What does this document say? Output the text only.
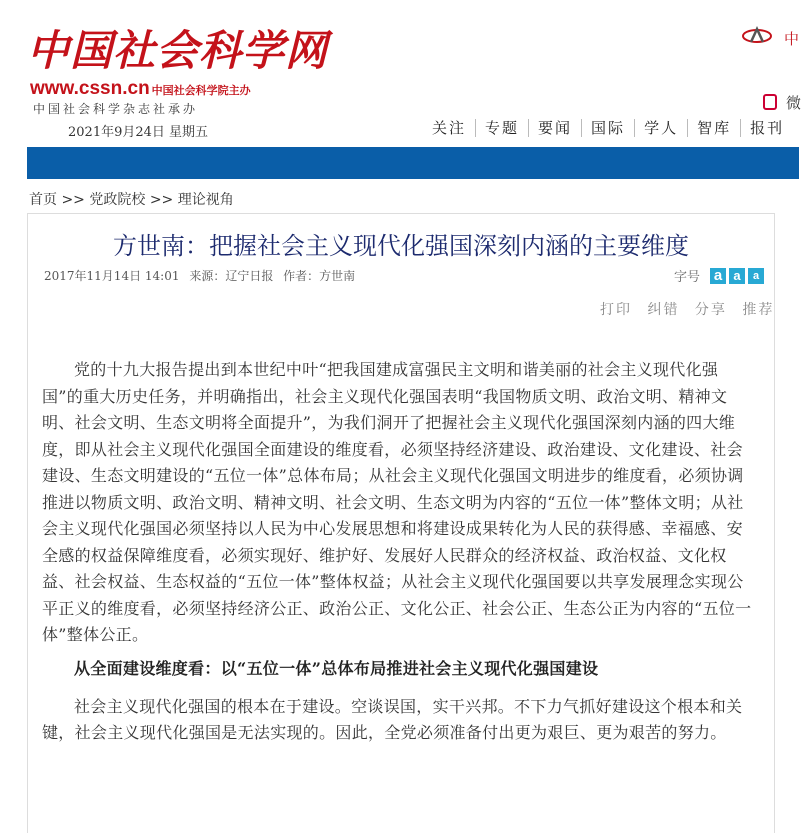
中国社会科学网
www.cssn.cn 中国社会科学院主办
中国社会科学杂志社承办
2021年9月24日 星期五
中
微
关注	专题	要闻	国际	学人	智库	报刊
首页 >> 党政院校 >> 理论视角
方世南：把握社会主义现代化强国深刻内涵的主要维度
2017年11月14日 14:01 来源：辽宁日报 作者：方世南	字号 a a	a
打印 纠错 分享 推荐

党的十九大报告提出到本世纪中叶“把我国建成富强民主文明和谐美丽的社会主义现代化强国”的重大历史任务，并明确指出，社会主义现代化强国表明“我国物质文明、政治文明、精神文明、社会文明、生态文明将全面提升”，为我们洞开了把握社会主义现代化强国深刻内涵的四大维度，即从社会主义现代化强国全面建设的维度看，必须坚持经济建设、政治建设、文化建设、社会建设、生态文明建设的“五位一体”总体布局；从社会主义现代化强国文明进步的维度看，必须协调推进以物质文明、政治文明、精神文明、社会文明、生态文明为内容的“五位一体”整体文明；从社会主义现代化强国必须坚持以人民为中心发展思想和将建设成果转化为人民的获得感、幸福感、安全感的权益保障维度看，必须实现好、维护好、发展好人民群众的经济权益、政治权益、文化权益、社会权益、生态权益的“五位一体”整体权益；从社会主义现代化强国要以共享发展理念实现公平正义的维度看，必须坚持经济公正、政治公正、文化公正、社会公正、生态公正为内容的“五位一体”整体公正。

从全面建设维度看：以“五位一体”总体布局推进社会主义现代化强国建设

社会主义现代化强国的根本在于建设。空谈误国，实干兴邦。不下力气抓好建设这个根本和关键，社会主义现代化强国是无法实现的。因此，全党必须准备付出更为艰巨、更为艰苦的努力。
